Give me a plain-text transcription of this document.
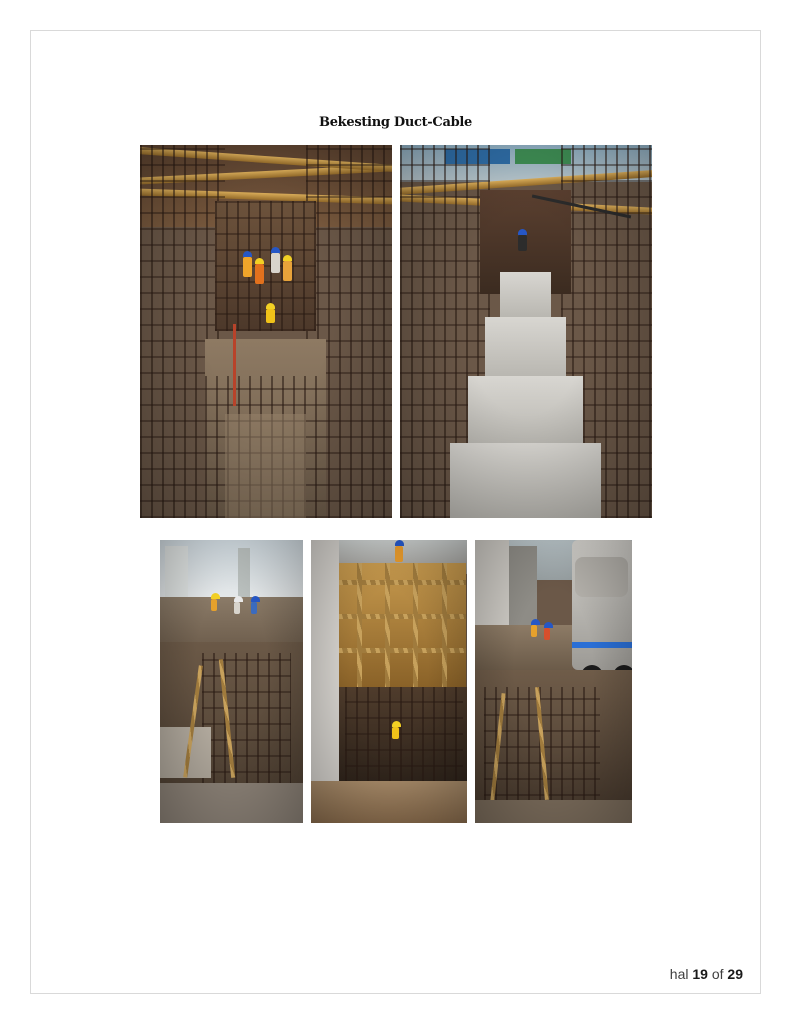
Bekesting Duct-Cable
hal 19 of 29
